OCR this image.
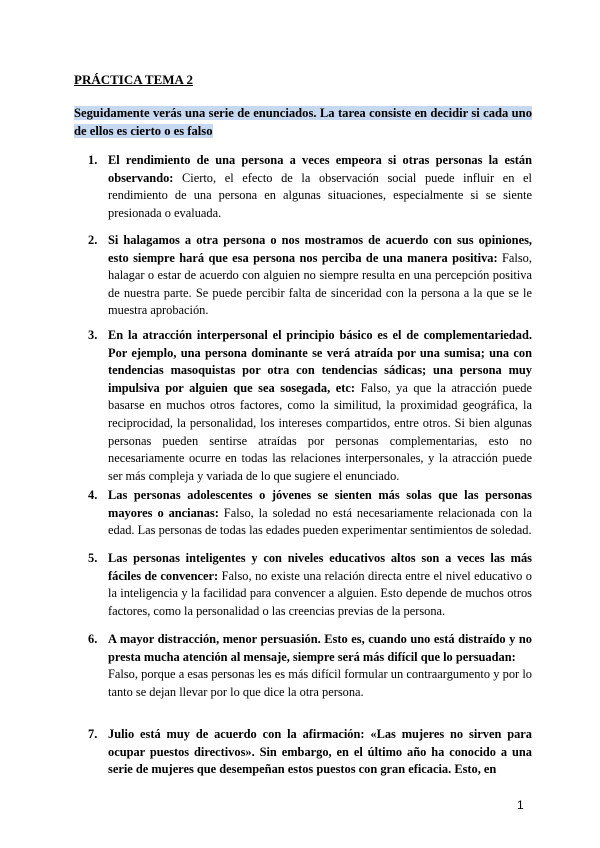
PRÁCTICA TEMA 2

Seguidamente verás una serie de enunciados. La tarea consiste en decidir si cada uno de ellos es cierto o es falso

1. El rendimiento de una persona a veces empeora si otras personas la están observando: Cierto, el efecto de la observación social puede influir en el rendimiento de una persona en algunas situaciones, especialmente si se siente presionada o evaluada.
2. Si halagamos a otra persona o nos mostramos de acuerdo con sus opiniones, esto siempre hará que esa persona nos perciba de una manera positiva: Falso, halagar o estar de acuerdo con alguien no siempre resulta en una percepción positiva de nuestra parte. Se puede percibir falta de sinceridad con la persona a la que se le muestra aprobación.
3. En la atracción interpersonal el principio básico es el de complementariedad. Por ejemplo, una persona dominante se verá atraída por una sumisa; una con tendencias masoquistas por otra con tendencias sádicas; una persona muy impulsiva por alguien que sea sosegada, etc: Falso, ya que la atracción puede basarse en muchos otros factores, como la similitud, la proximidad geográfica, la reciprocidad, la personalidad, los intereses compartidos, entre otros. Si bien algunas personas pueden sentirse atraídas por personas complementarias, esto no necesariamente ocurre en todas las relaciones interpersonales, y la atracción puede ser más compleja y variada de lo que sugiere el enunciado.
4. Las personas adolescentes o jóvenes se sienten más solas que las personas mayores o ancianas: Falso, la soledad no está necesariamente relacionada con la edad. Las personas de todas las edades pueden experimentar sentimientos de soledad.
5. Las personas inteligentes y con niveles educativos altos son a veces las más fáciles de convencer: Falso, no existe una relación directa entre el nivel educativo o la inteligencia y la facilidad para convencer a alguien. Esto depende de muchos otros factores, como la personalidad o las creencias previas de la persona.
6. A mayor distracción, menor persuasión. Esto es, cuando uno está distraído y no presta mucha atención al mensaje, siempre será más difícil que lo persuadan:
Falso, porque a esas personas les es más difícil formular un contraargumento y por lo tanto se dejan llevar por lo que dice la otra persona.
7. Julio está muy de acuerdo con la afirmación: «Las mujeres no sirven para ocupar puestos directivos». Sin embargo, en el último año ha conocido a una serie de mujeres que desempeñan estos puestos con gran eficacia. Esto, en
1
